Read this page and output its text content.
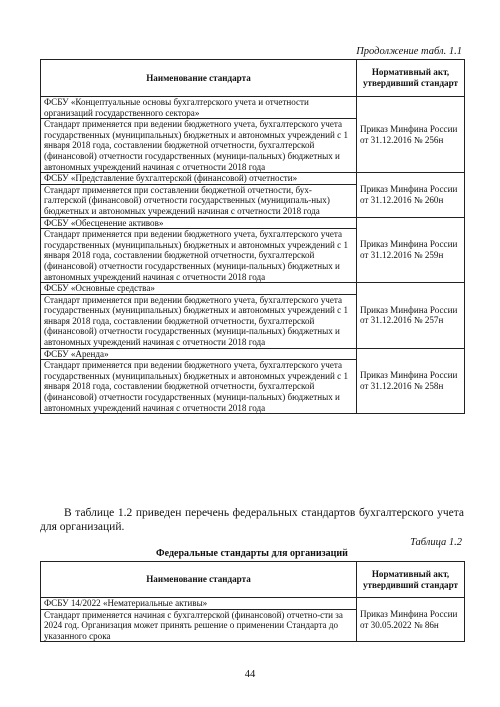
Продолжение табл. 1.1
Наименование стандарта	Нормативный акт, утвердивший стандарт
ФСБУ «Концептуальные основы бухгалтерского учета и отчетности организаций государственного сектора»	Приказ Минфина России от 31.12.2016 № 256н
Стандарт применяется при ведении бюджетного учета, бухгалтерского учета государственных (муниципальных) бюджетных и автономных учреждений с 1 января 2018 года, составлении бюджетной отчетности, бухгалтерской (финансовой) отчетности государственных (муници-пальных) бюджетных и автономных учреждений начиная с отчетности 2018 года	
ФСБУ «Представление бухгалтерской (финансовой) отчетности»	Приказ Минфина России от 31.12.2016 № 260н
Стандарт применяется при составлении бюджетной отчетности, бух-галтерской (финансовой) отчетности государственных (муниципаль-ных) бюджетных и автономных учреждений начиная с отчетности 2018 года	
ФСБУ «Обесценение активов»	Приказ Минфина России от 31.12.2016 № 259н
Стандарт применяется при ведении бюджетного учета, бухгалтерского учета государственных (муниципальных) бюджетных и автономных учреждений с 1 января 2018 года, составлении бюджетной отчетности, бухгалтерской (финансовой) отчетности государственных (муници-пальных) бюджетных и автономных учреждений начиная с отчетности 2018 года	
ФСБУ «Основные средства»	Приказ Минфина России от 31.12.2016 № 257н
Стандарт применяется при ведении бюджетного учета, бухгалтерского учета государственных (муниципальных) бюджетных и автономных учреждений с 1 января 2018 года, составлении бюджетной отчетности, бухгалтерской (финансовой) отчетности государственных (муници-пальных) бюджетных и автономных учреждений начиная с отчетности 2018 года	
ФСБУ «Аренда»	Приказ Минфина России от 31.12.2016 № 258н
Стандарт применяется при ведении бюджетного учета, бухгалтерского учета государственных (муниципальных) бюджетных и автономных учреждений с 1 января 2018 года, составлении бюджетной отчетности, бухгалтерской (финансовой) отчетности государственных (муници-пальных) бюджетных и автономных учреждений начиная с отчетности 2018 года	
В таблице 1.2 приведен перечень федеральных стандартов бухгалтерского учета для организаций.
Таблица 1.2
Федеральные стандарты для организаций
Наименование стандарта	Нормативный акт, утвердивший стандарт
ФСБУ 14/2022 «Нематериальные активы»	Приказ Минфина России от 30.05.2022 № 86н
Стандарт применяется начиная с бухгалтерской (финансовой) отчетно-сти за 2024 год. Организация может принять решение о применении Стандарта до указанного срока	
44
